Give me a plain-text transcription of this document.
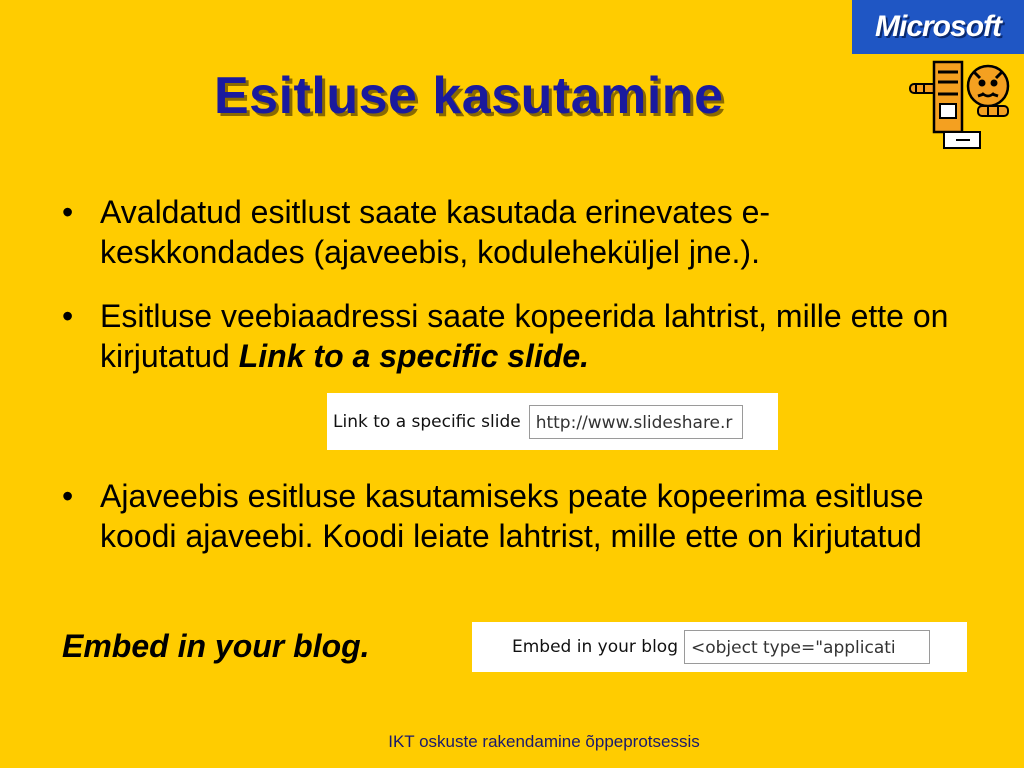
Esitluse kasutamine
Microsoft
• Avaldatud esitlust saate kasutada erinevates e-keskkondades (ajaveebis, koduleheküljel jne.).
• Esitluse veebiaadressi saate kopeerida lahtrist, mille ette on kirjutatud Link to a specific slide.
Link to a specific slide http://www.slideshare.r
• Ajaveebis esitluse kasutamiseks peate kopeerima esitluse koodi ajaveebi. Koodi leiate lahtrist, mille ette on kirjutatud
Embed in your blog.	Embed in your blog <object type="applicati
IKT oskuste rakendamine õppeprotsessis
